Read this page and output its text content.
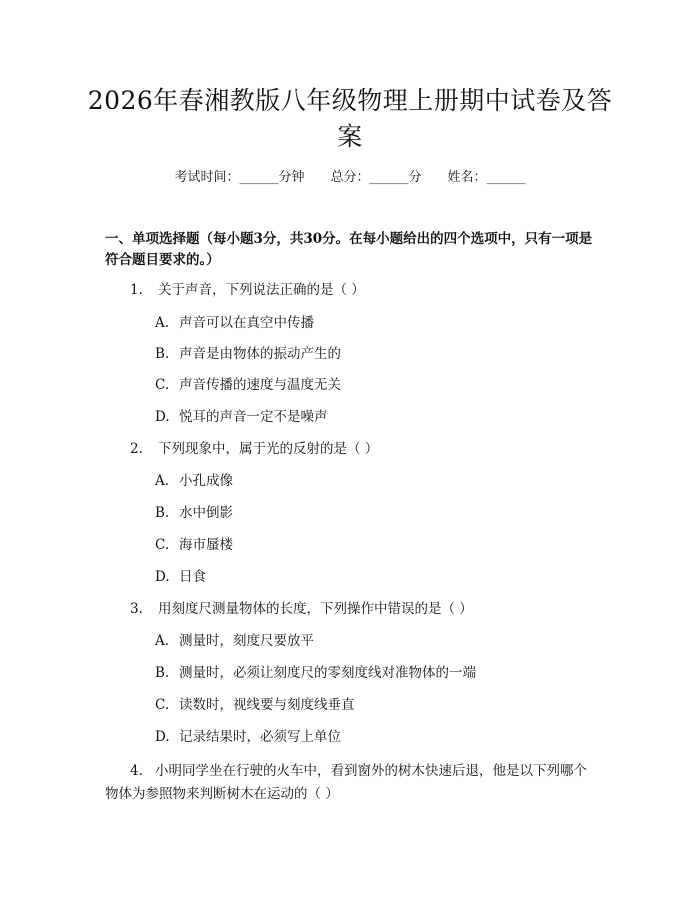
2026年春湘教版八年级物理上册期中试卷及答案
考试时间：______分钟 总分：______分 姓名：______

一、单项选择题（每小题3分，共30分。在每小题给出的四个选项中，只有一项是符合题目要求的。）

1. 关于声音，下列说法正确的是（ ）

A. 声音可以在真空中传播

B. 声音是由物体的振动产生的

C. 声音传播的速度与温度无关

D. 悦耳的声音一定不是噪声

2. 下列现象中，属于光的反射的是（ ）

A. 小孔成像

B. 水中倒影

C. 海市蜃楼

D. 日食

3. 用刻度尺测量物体的长度，下列操作中错误的是（ ）

A. 测量时，刻度尺要放平

B. 测量时，必须让刻度尺的零刻度线对准物体的一端

C. 读数时，视线要与刻度线垂直

D. 记录结果时，必须写上单位

4. 小明同学坐在行驶的火车中，看到窗外的树木快速后退，他是以下列哪个物体为参照物来判断树木在运动的（ ）
